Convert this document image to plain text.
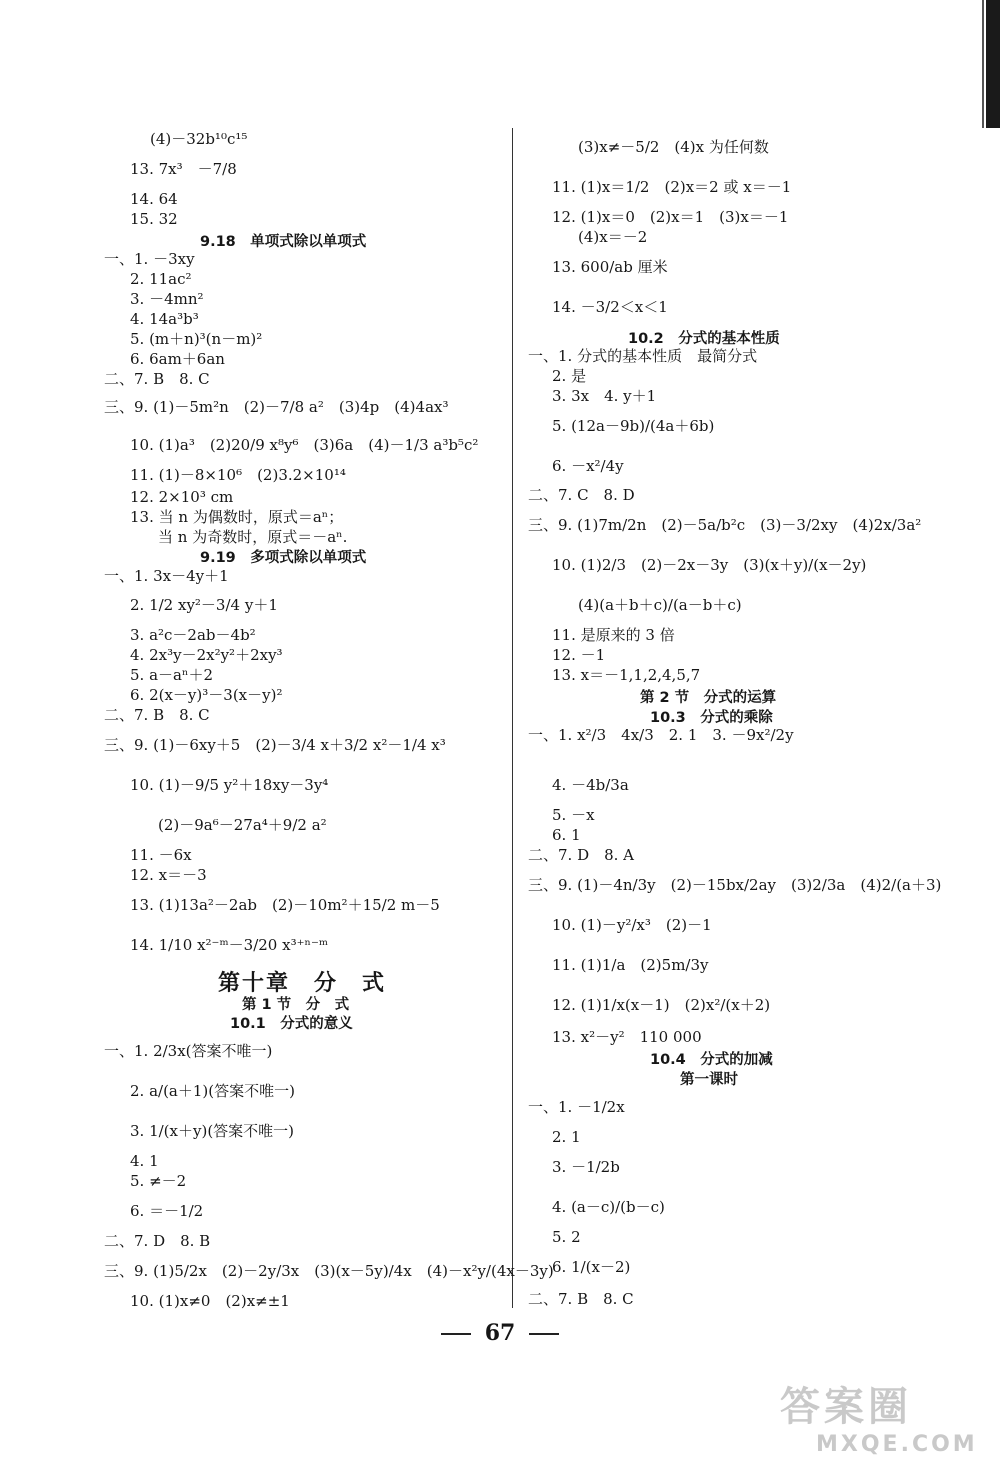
(4)－32b¹⁰c¹⁵
13. 7x³　－7/8
14. 64
15. 32
9.18　单项式除以单项式
一、1. －3xy
2. 11ac²
3. －4mn²
4. 14a³b³
5. (m＋n)³(n－m)²
6. 6am＋6an
二、7. B　8. C
三、9. (1)－5m²n　(2)－7/8 a²　(3)4p　(4)4ax³
10. (1)a³　(2)20/9 x⁸y⁶　(3)6a　(4)－1/3 a³b⁵c²
11. (1)－8×10⁶　(2)3.2×10¹⁴
12. 2×10³ cm
13. 当 n 为偶数时，原式＝aⁿ；
当 n 为奇数时，原式＝－aⁿ.
9.19　多项式除以单项式
一、1. 3x－4y＋1
2. 1/2 xy²－3/4 y＋1
3. a²c－2ab－4b²
4. 2x³y－2x²y²＋2xy³
5. a－aⁿ＋2
6. 2(x－y)³－3(x－y)²
二、7. B　8. C
三、9. (1)－6xy＋5　(2)－3/4 x＋3/2 x²－1/4 x³
10. (1)－9/5 y²＋18xy－3y⁴
(2)－9a⁶－27a⁴＋9/2 a²
11. －6x
12. x＝－3
13. (1)13a²－2ab　(2)－10m²＋15/2 m－5
14. 1/10 x²⁻ᵐ－3/20 x³⁺ⁿ⁻ᵐ
第十章　分　式
第 1 节　分　式
10.1　分式的意义
一、1. 2/3x(答案不唯一)
2. a/(a＋1)(答案不唯一)
3. 1/(x＋y)(答案不唯一)
4. 1
5. ≠－2
6. ＝－1/2
二、7. D　8. B
三、9. (1)5/2x　(2)－2y/3x　(3)(x－5y)/4x　(4)－x²y/(4x－3y)
10. (1)x≠0　(2)x≠±1
(3)x≠－5/2　(4)x 为任何数
11. (1)x＝1/2　(2)x＝2 或 x＝－1
12. (1)x＝0　(2)x＝1　(3)x＝－1
(4)x＝－2
13. 600/ab 厘米
14. －3/2＜x＜1
10.2　分式的基本性质
一、1. 分式的基本性质　最简分式
2. 是
3. 3x　4. y＋1
5. (12a－9b)/(4a＋6b)
6. －x²/4y
二、7. C　8. D
三、9. (1)7m/2n　(2)－5a/b²c　(3)－3/2xy　(4)2x/3a²
10. (1)2/3　(2)－2x－3y　(3)(x＋y)/(x－2y)
(4)(a＋b＋c)/(a－b＋c)
11. 是原来的 3 倍
12. －1
13. x＝－1,1,2,4,5,7
第 2 节　分式的运算
10.3　分式的乘除
一、1. x²/3　4x/3　2. 1　3. －9x²/2y
4. －4b/3a
5. －x
6. 1
二、7. D　8. A
三、9. (1)－4n/3y　(2)－15bx/2ay　(3)2/3a　(4)2/(a＋3)
10. (1)－y²/x³　(2)－1
11. (1)1/a　(2)5m/3y
12. (1)1/x(x－1)　(2)x²/(x＋2)
13. x²－y²　110 000
10.4　分式的加减
第一课时
一、1. －1/2x
2. 1
3. －1/2b
4. (a－c)/(b－c)
5. 2
6. 1/(x－2)
二、7. B　8. C
67
答案圈
MXQE.COM
